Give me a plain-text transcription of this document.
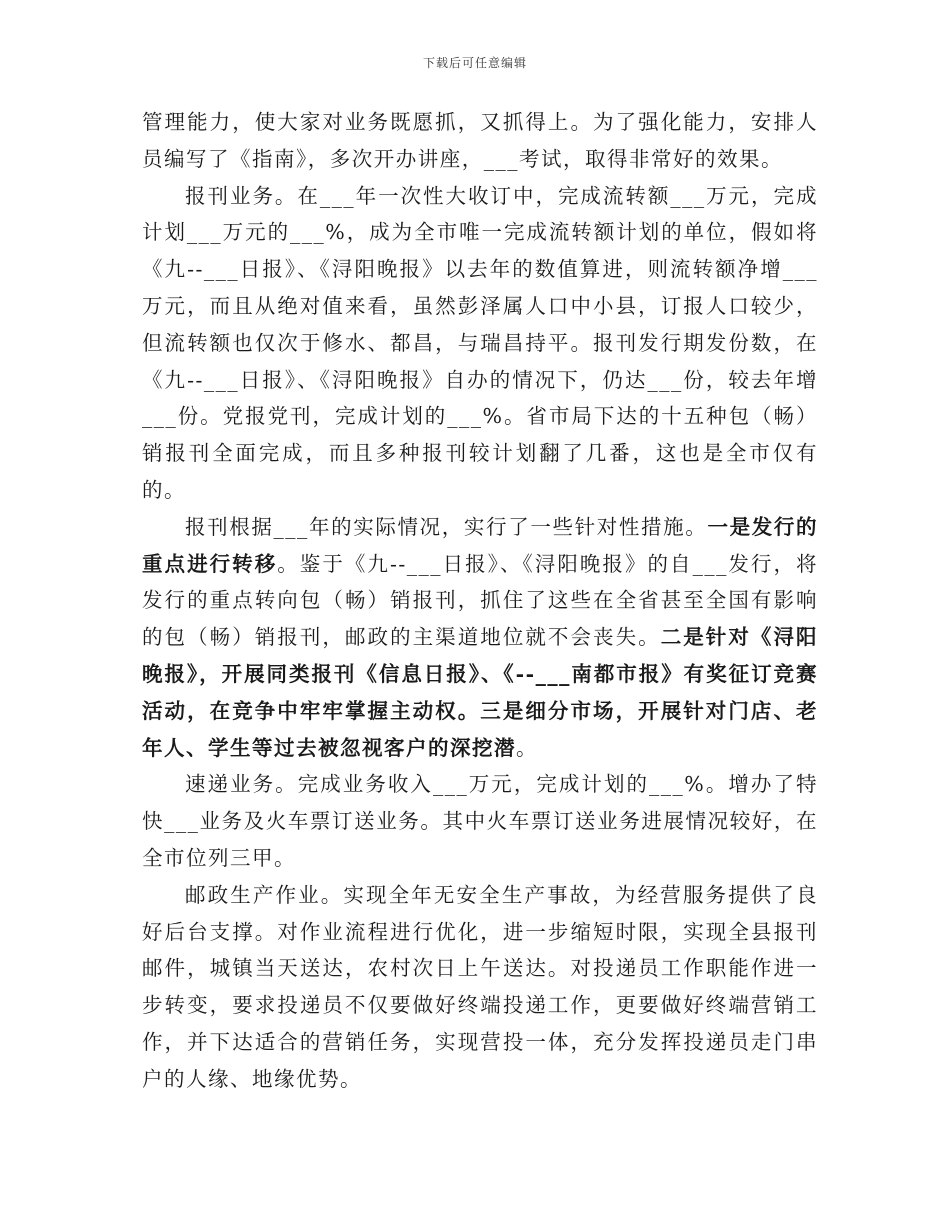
下载后可任意编辑

管理能力，使大家对业务既愿抓，又抓得上。为了强化能力，安排人员编写了《指南》，多次开办讲座，___考试，取得非常好的效果。

报刊业务。在___年一次性大收订中，完成流转额___万元，完成计划___万元的___%，成为全市唯一完成流转额计划的单位，假如将《九--___日报》、《浔阳晚报》以去年的数值算进，则流转额净增___万元，而且从绝对值来看，虽然彭泽属人口中小县，订报人口较少，但流转额也仅次于修水、都昌，与瑞昌持平。报刊发行期发份数，在《九--___日报》、《浔阳晚报》自办的情况下，仍达___份，较去年增___份。党报党刊，完成计划的___%。省市局下达的十五种包（畅）销报刊全面完成，而且多种报刊较计划翻了几番，这也是全市仅有的。

报刊根据___年的实际情况，实行了一些针对性措施。一是发行的重点进行转移。鉴于《九--___日报》、《浔阳晚报》的自___发行，将发行的重点转向包（畅）销报刊，抓住了这些在全省甚至全国有影响的包（畅）销报刊，邮政的主渠道地位就不会丧失。二是针对《浔阳晚报》，开展同类报刊《信息日报》、《--___南都市报》有奖征订竞赛活动，在竞争中牢牢掌握主动权。三是细分市场，开展针对门店、老年人、学生等过去被忽视客户的深挖潜。

速递业务。完成业务收入___万元，完成计划的___%。增办了特快___业务及火车票订送业务。其中火车票订送业务进展情况较好，在全市位列三甲。

邮政生产作业。实现全年无安全生产事故，为经营服务提供了良好后台支撑。对作业流程进行优化，进一步缩短时限，实现全县报刊邮件，城镇当天送达，农村次日上午送达。对投递员工作职能作进一步转变，要求投递员不仅要做好终端投递工作，更要做好终端营销工作，并下达适合的营销任务，实现营投一体，充分发挥投递员走门串户的人缘、地缘优势。
